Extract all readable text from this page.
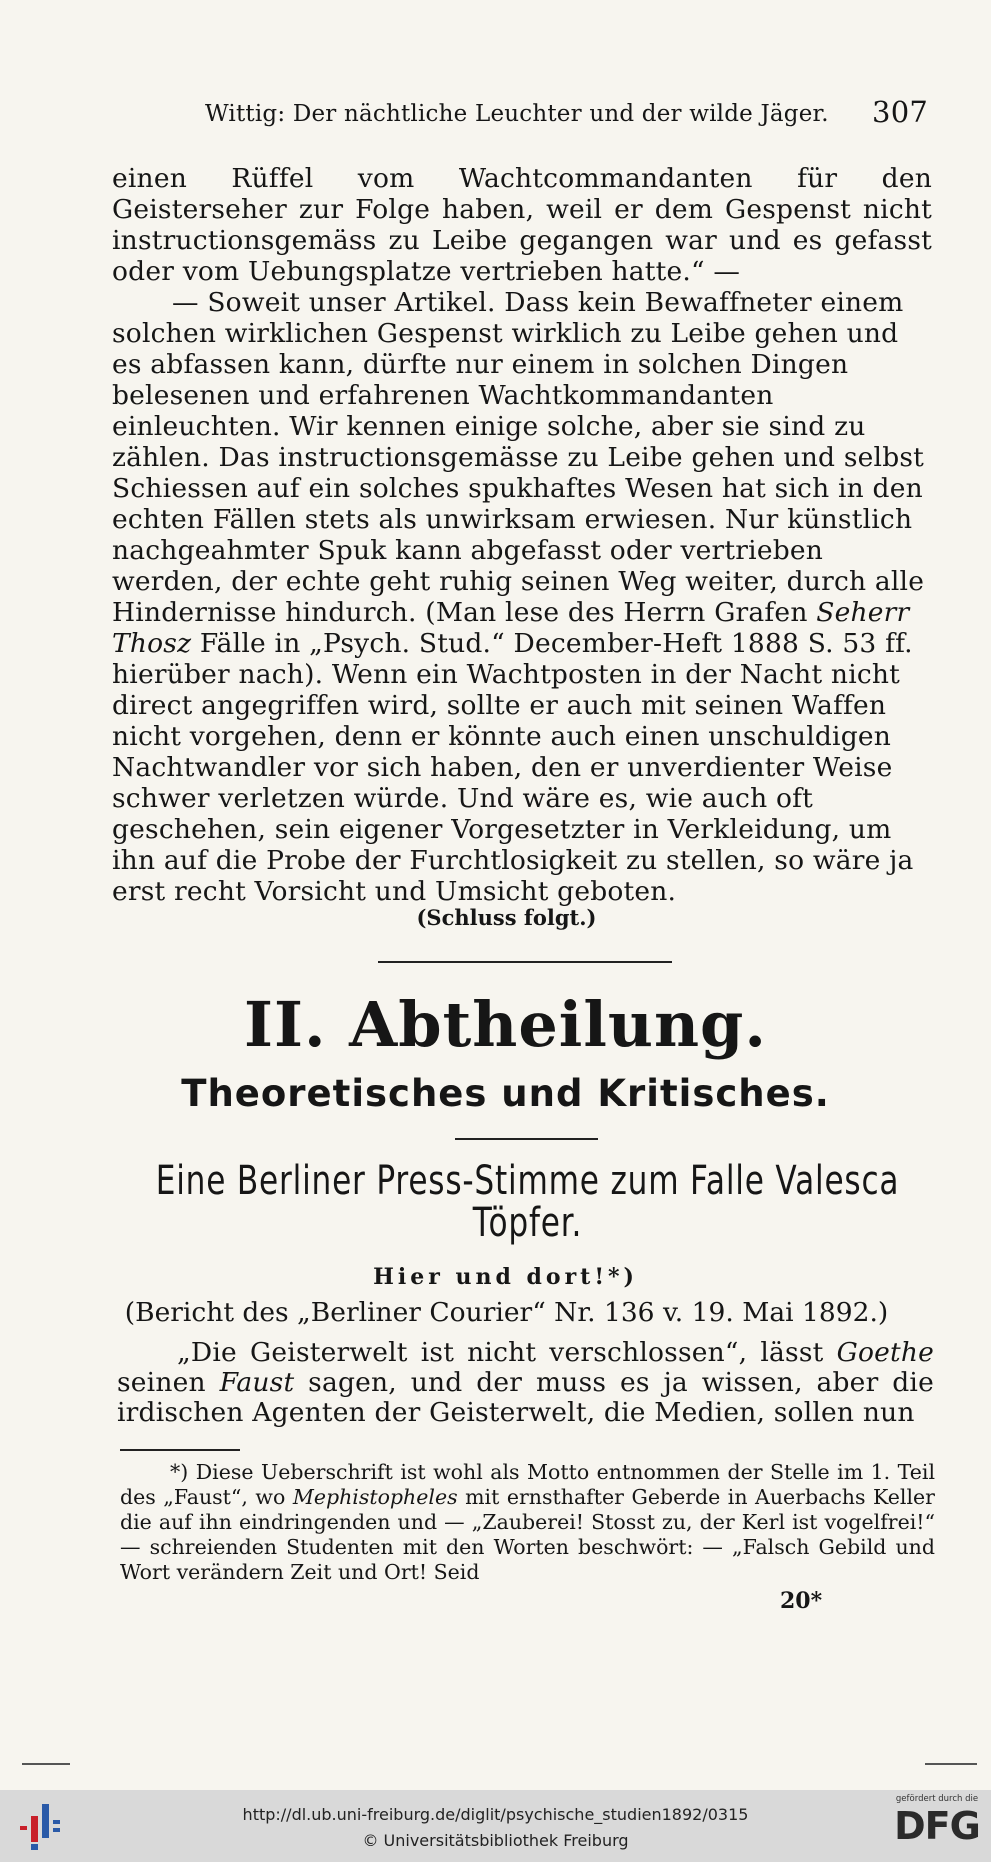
Wittig: Der nächtliche Leuchter und der wilde Jäger. 307

einen Rüffel vom Wachtcommandanten für den Geisterseher zur Folge haben, weil er dem Gespenst nicht instructionsgemäss zu Leibe gegangen war und es gefasst oder vom Uebungsplatze vertrieben hatte.“ —

— Soweit unser Artikel. Dass kein Bewaffneter einem solchen wirklichen Gespenst wirklich zu Leibe gehen und es abfassen kann, dürfte nur einem in solchen Dingen belesenen und erfahrenen Wachtkommandanten einleuchten. Wir kennen einige solche, aber sie sind zu zählen. Das instructionsgemässe zu Leibe gehen und selbst Schiessen auf ein solches spukhaftes Wesen hat sich in den echten Fällen stets als unwirksam erwiesen. Nur künstlich nachgeahmter Spuk kann abgefasst oder vertrieben werden, der echte geht ruhig seinen Weg weiter, durch alle Hindernisse hindurch. (Man lese des Herrn Grafen Seherr Thosz Fälle in „Psych. Stud.“ December-Heft 1888 S. 53 ff. hierüber nach). Wenn ein Wachtposten in der Nacht nicht direct angegriffen wird, sollte er auch mit seinen Waffen nicht vorgehen, denn er könnte auch einen unschuldigen Nachtwandler vor sich haben, den er unverdienter Weise schwer verletzen würde. Und wäre es, wie auch oft geschehen, sein eigener Vorgesetzter in Verkleidung, um ihn auf die Probe der Furchtlosigkeit zu stellen, so wäre ja erst recht Vorsicht und Umsicht geboten.

(Schluss folgt.)
II. Abtheilung.
Theoretisches und Kritisches.
Eine Berliner Press-Stimme zum Falle Valesca Töpfer.
Hier und dort!*)
(Bericht des „Berliner Courier“ Nr. 136 v. 19. Mai 1892.)

„Die Geisterwelt ist nicht verschlossen“, lässt Goethe seinen Faust sagen, und der muss es ja wissen, aber die irdischen Agenten der Geisterwelt, die Medien, sollen nun

*) Diese Ueberschrift ist wohl als Motto entnommen der Stelle im 1. Teil des „Faust“, wo Mephistopheles mit ernsthafter Geberde in Auerbachs Keller die auf ihn eindringenden und — „Zauberei! Stosst zu, der Kerl ist vogelfrei!“ — schreienden Studenten mit den Worten beschwört: — „Falsch Gebild und Wort verändern Zeit und Ort! Seid

20*
http://dl.ub.uni-freiburg.de/diglit/psychische_studien1892/0315
© Universitätsbibliothek Freiburg
gefördert durch die
DFG
